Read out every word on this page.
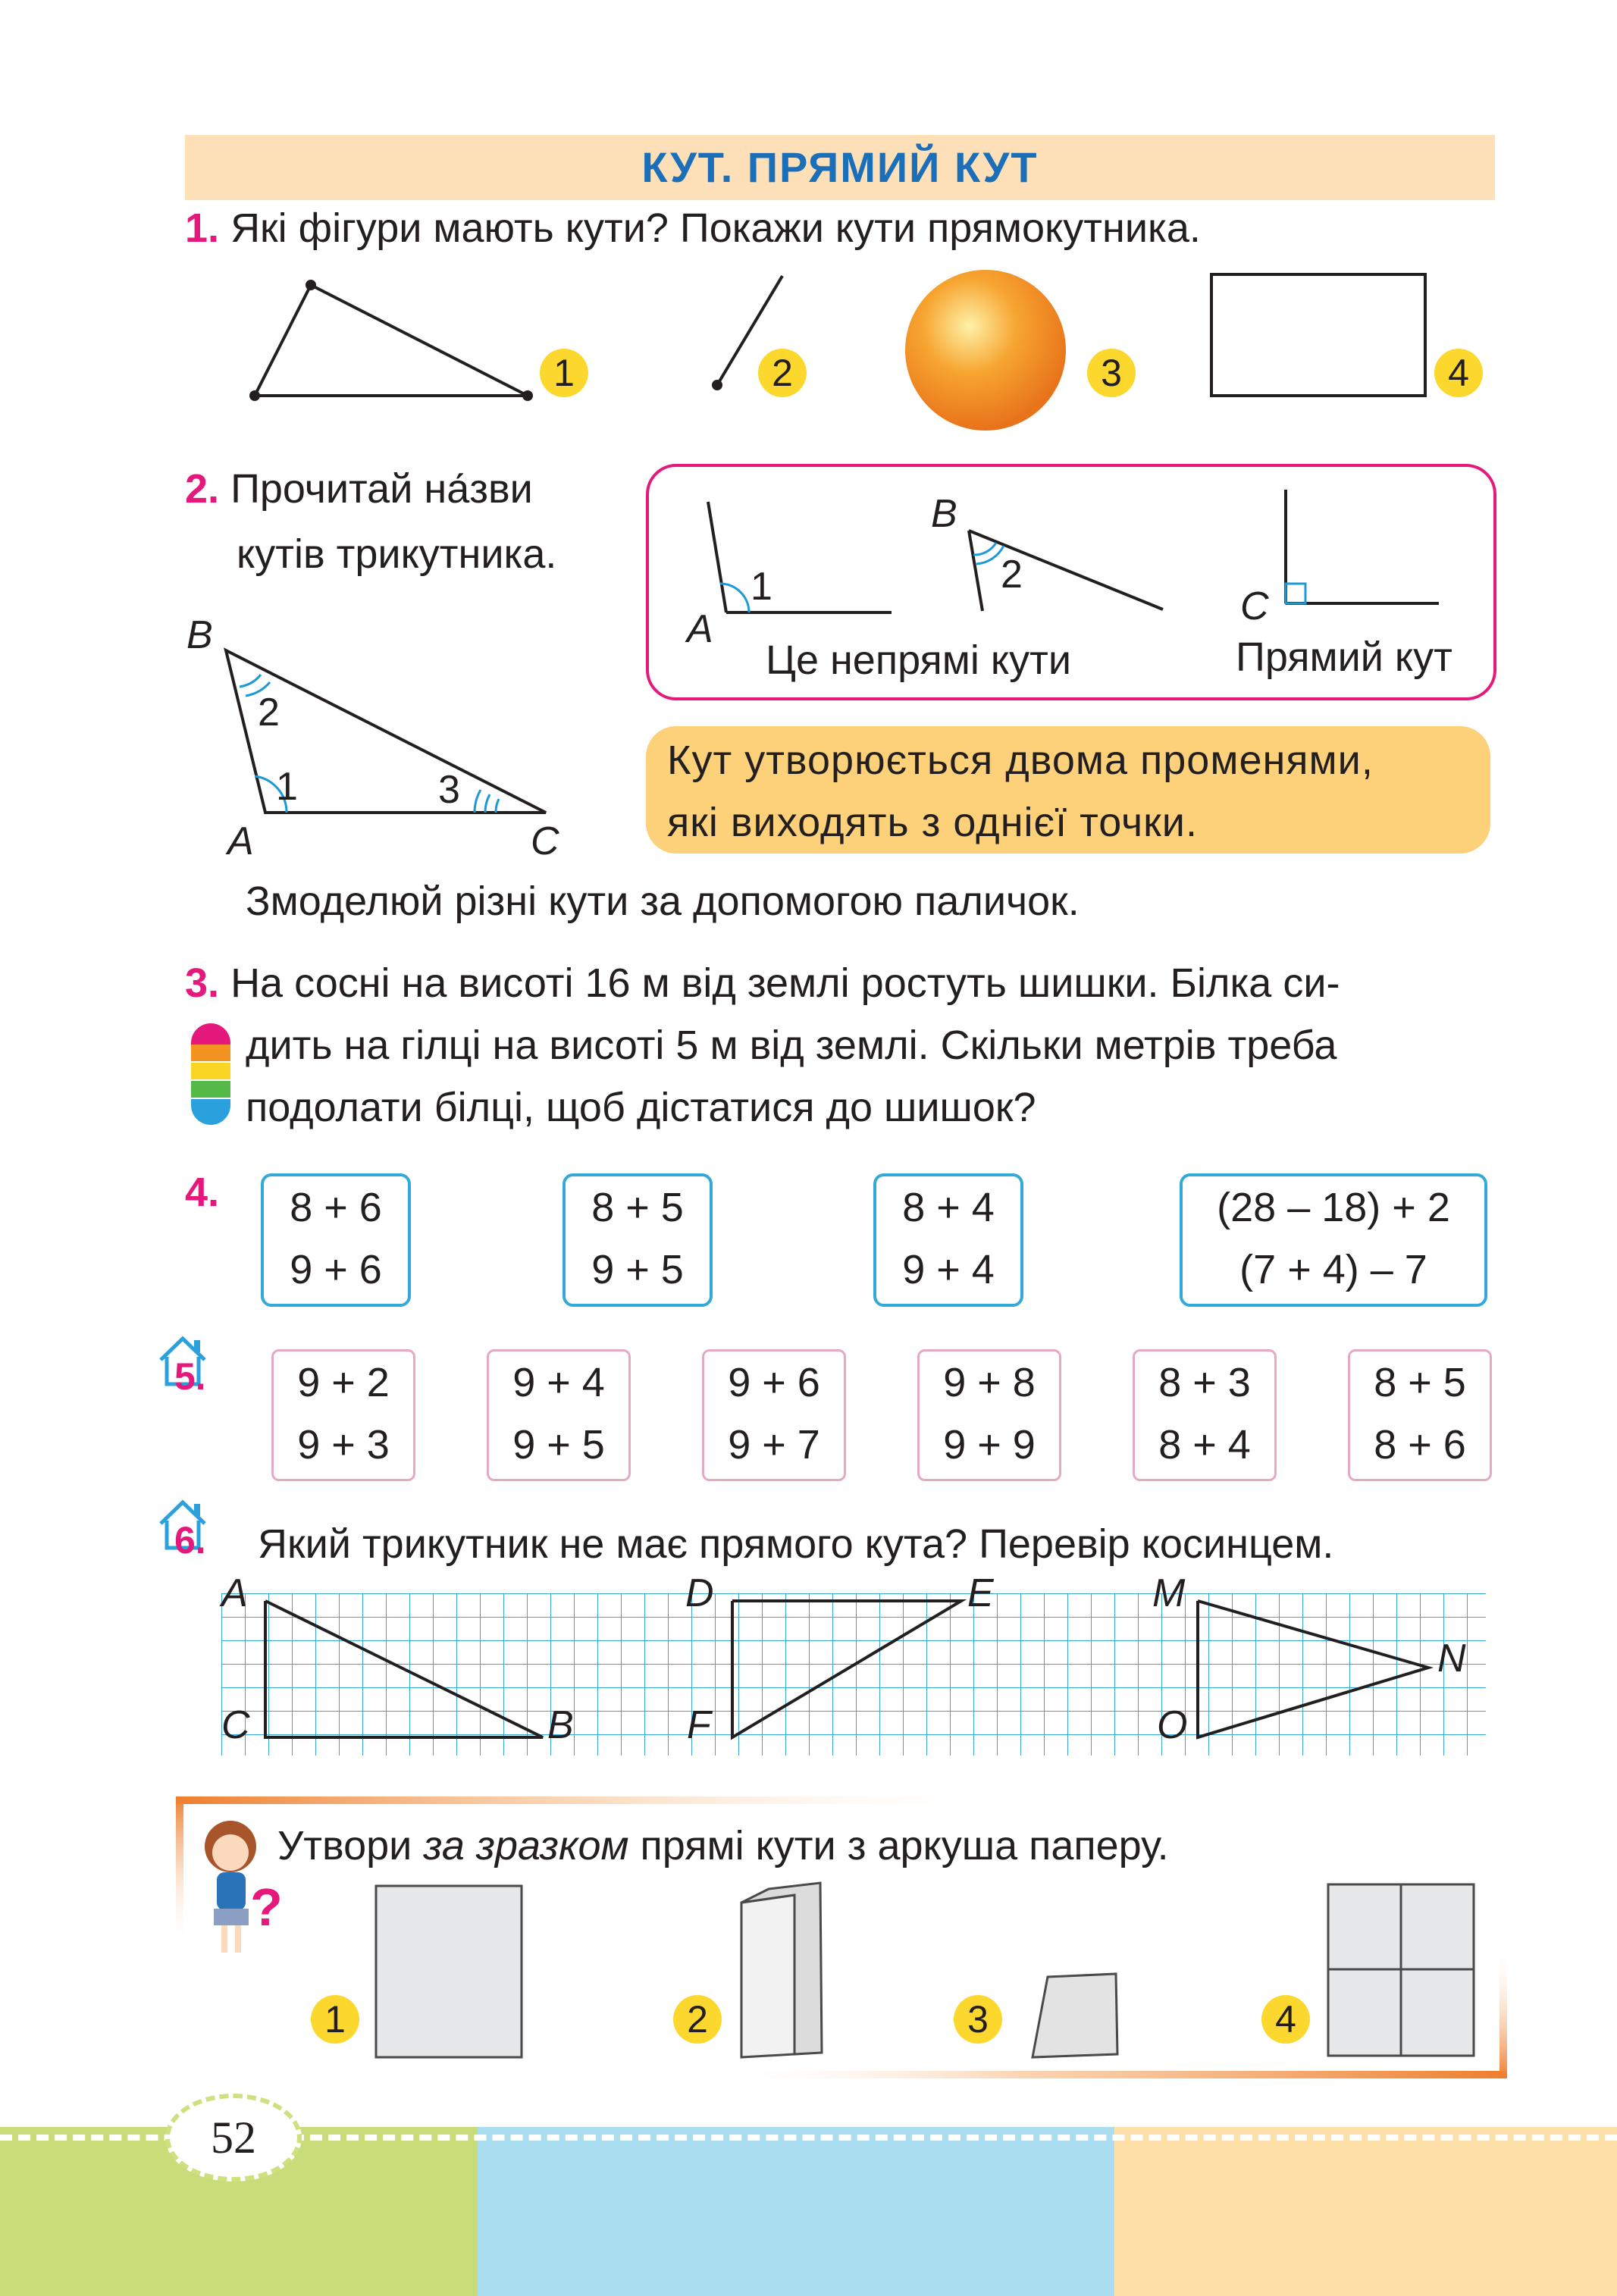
КУТ. ПРЯМИЙ КУТ
1. Які фігури мають кути? Покажи кути прямокутника.
1	2	3	4
2. Прочитай на́зви
кутів трикутника.
B
2
1	3
A	C
A
1
B
2
C
Це непрямі кути	Прямий кут
Кут утворюється двома променями,
які виходять з однієї точки.
Змоделюй різні кути за допомогою паличок.
3. На сосні на висоті 16 м від землі ростуть шишки. Білка си-
дить на гілці на висоті 5 м від землі. Скільки метрів треба
подолати білці, щоб дістатися до шишок?
4.	8 + 6
9 + 6
8 + 5
9 + 5
8 + 4
9 + 4
(28 – 18) + 2
(7 + 4) – 7
5.	9 + 2
9 + 3
9 + 4
9 + 5
9 + 6
9 + 7
9 + 8
9 + 9
8 + 3
8 + 4
8 + 5
8 + 6
6. Який трикутник не має прямого кута? Перевір косинцем.
A
C	B
D	E
F
M
N
O
?
Утвори за зразком прямі кути з аркуша паперу.
1	2	3	4
52
